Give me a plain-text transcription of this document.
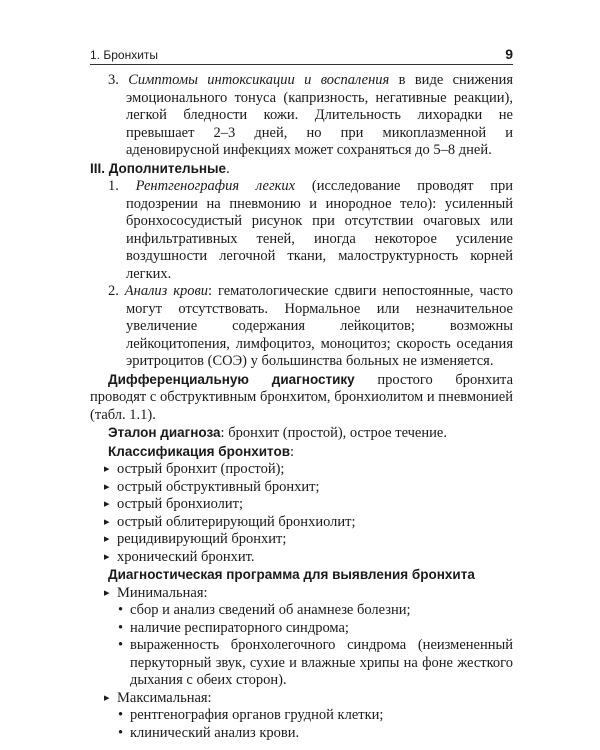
1. Бронхиты	9

3. Симптомы интоксикации и воспаления в виде снижения эмоционального тонуса (капризность, негативные реакции), легкой бледности кожи. Длительность лихорадки не превышает 2–3 дней, но при микоплазменной и аденовирусной инфекциях может сохраняться до 5–8 дней.

III. Дополнительные.

1. Рентгенография легких (исследование проводят при подозрении на пневмонию и инородное тело): усиленный бронхососудистый рисунок при отсутствии очаговых или инфильтративных теней, иногда некоторое усиление воздушности легочной ткани, малоструктурность корней легких.

2. Анализ крови: гематологические сдвиги непостоянные, часто могут отсутствовать. Нормальное или незначительное увеличение содержания лейкоцитов; возможны лейкоцитопения, лимфоцитоз, моноцитоз; скорость оседания эритроцитов (СОЭ) у большинства больных не изменяется.

Дифференциальную диагностику простого бронхита проводят с обструктивным бронхитом, бронхиолитом и пневмонией (табл. 1.1).

Эталон диагноза: бронхит (простой), острое течение.

Классификация бронхитов:

▸ острый бронхит (простой);

▸ острый обструктивный бронхит;

▸ острый бронхиолит;

▸ острый облитерирующий бронхиолит;

▸ рецидивирующий бронхит;

▸ хронический бронхит.

Диагностическая программа для выявления бронхита

▸ Минимальная:

• сбор и анализ сведений об анамнезе болезни;

• наличие респираторного синдрома;

• выраженность бронхолегочного синдрома (неизмененный перкуторный звук, сухие и влажные хрипы на фоне жесткого дыхания с обеих сторон).

▸ Максимальная:

• рентгенография органов грудной клетки;

• клинический анализ крови.
